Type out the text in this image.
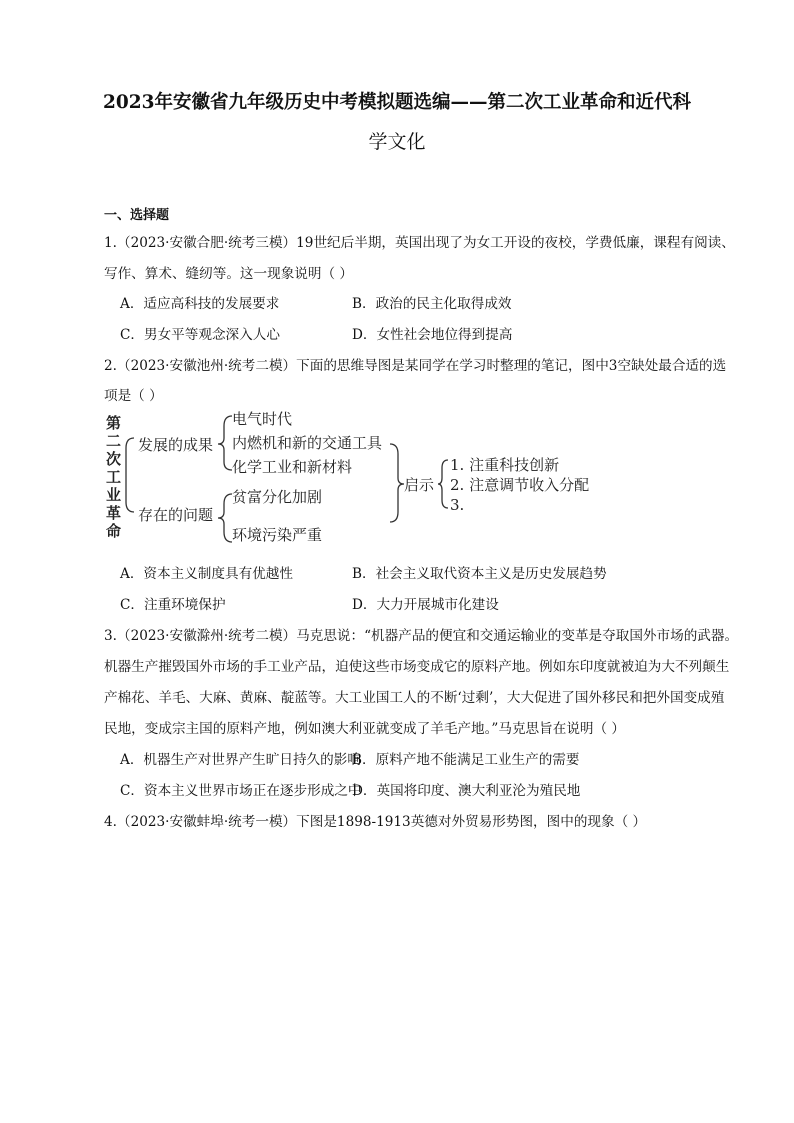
2023年安徽省九年级历史中考模拟题选编——第二次工业革命和近代科
学文化
一、选择题
1.（2023·安徽合肥·统考三模）19世纪后半期，英国出现了为女工开设的夜校，学费低廉，课程有阅读、
写作、算术、缝纫等。这一现象说明（ ）
A．适应高科技的发展要求	B．政治的民主化取得成效
C．男女平等观念深入人心	D．女性社会地位得到提高
2.（2023·安徽池州·统考二模）下面的思维导图是某同学在学习时整理的笔记，图中3空缺处最合适的选
项是（ ）
第
二
次
工
业
革
命
发展的成果
存在的问题
电气时代
内燃机和新的交通工具
化学工业和新材料
贫富分化加剧
环境污染严重
启示
1. 注重科技创新
2. 注意调节收入分配
3.
A．资本主义制度具有优越性	B．社会主义取代资本主义是历史发展趋势
C．注重环境保护	D．大力开展城市化建设
3.（2023·安徽滁州·统考二模）马克思说：“机器产品的便宜和交通运输业的变革是夺取国外市场的武器。
机器生产摧毁国外市场的手工业产品，迫使这些市场变成它的原料产地。例如东印度就被迫为大不列颠生
产棉花、羊毛、大麻、黄麻、靛蓝等。大工业国工人的不断‘过剩’，大大促进了国外移民和把外国变成殖
民地，变成宗主国的原料产地，例如澳大利亚就变成了羊毛产地。”马克思旨在说明（ ）
A．机器生产对世界产生旷日持久的影响
B．原料产地不能满足工业生产的需要
C．资本主义世界市场正在逐步形成之中
D．英国将印度、澳大利亚沦为殖民地
4.（2023·安徽蚌埠·统考一模）下图是1898-1913英德对外贸易形势图，图中的现象（ ）
